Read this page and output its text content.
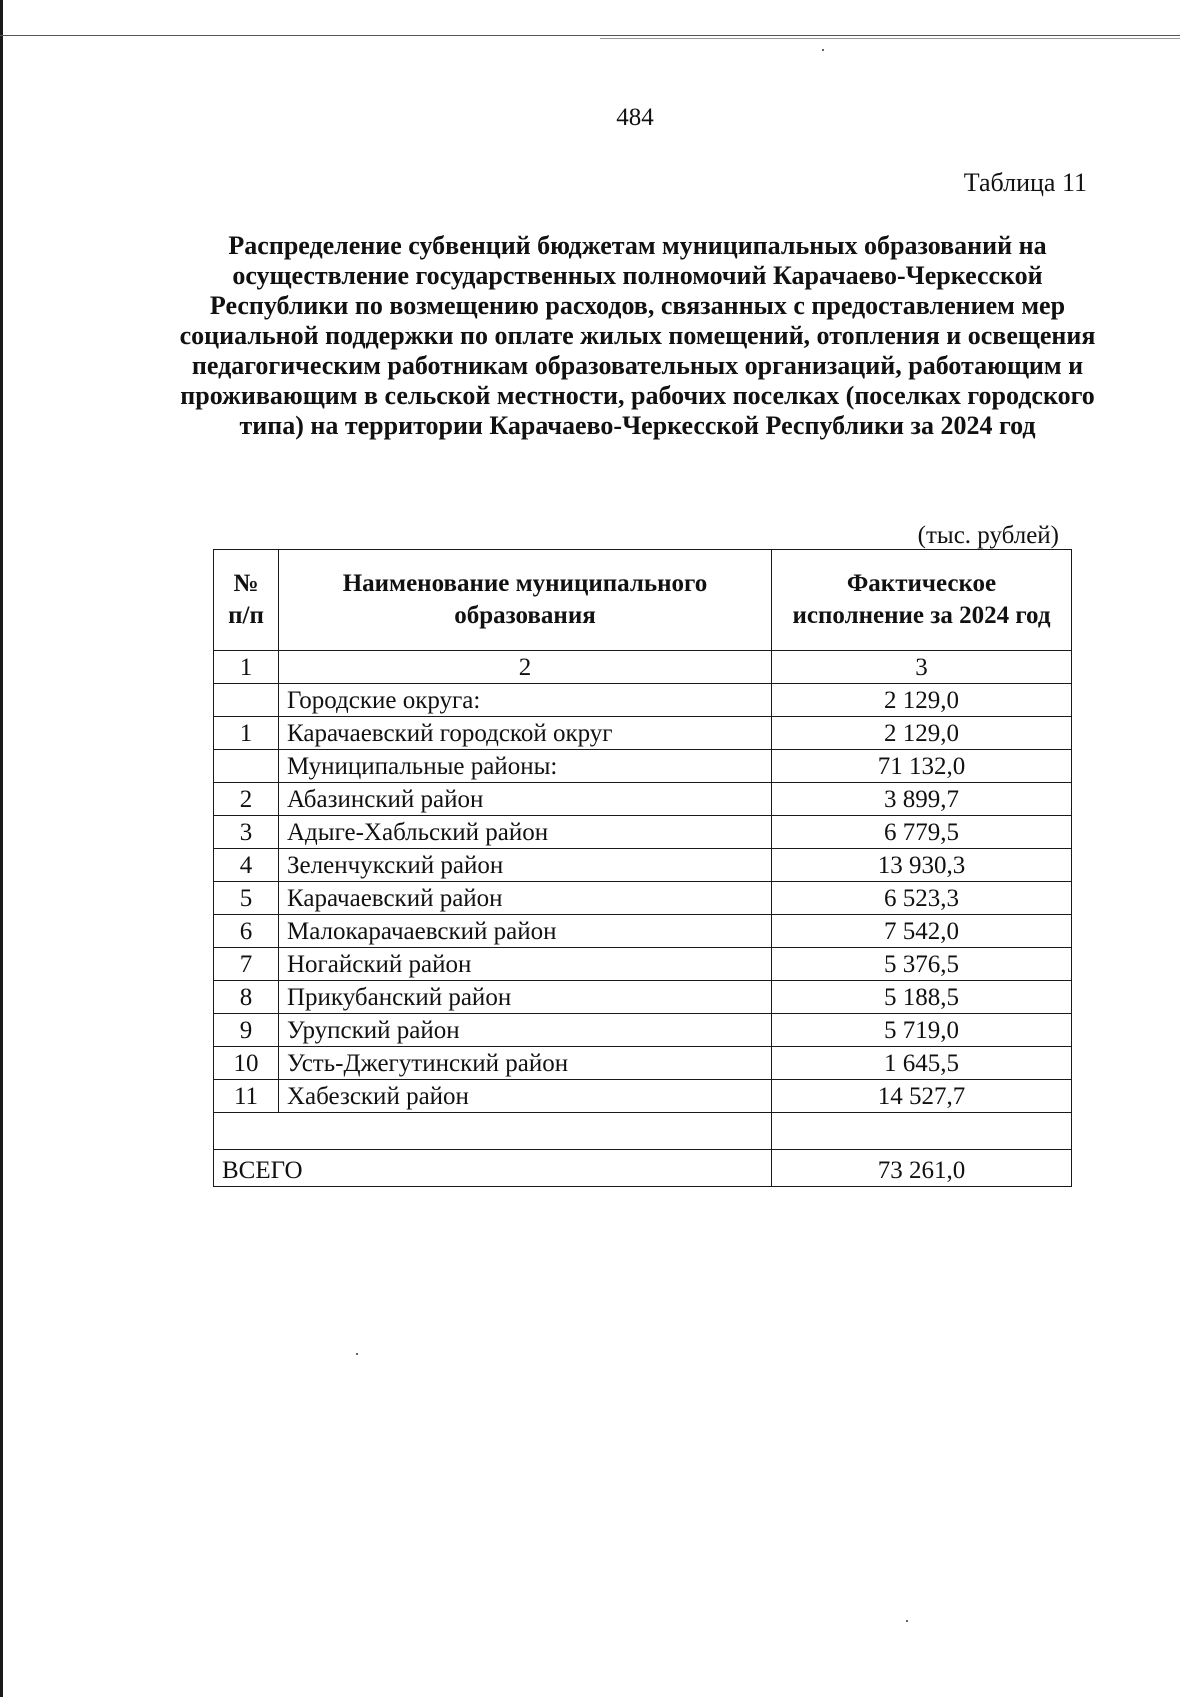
484
Таблица 11
Распределение субвенций бюджетам муниципальных образований на осуществление государственных полномочий Карачаево-Черкесской Республики по возмещению расходов, связанных с предоставлением мер социальной поддержки по оплате жилых помещений, отопления и освещения педагогическим работникам образовательных организаций, работающим и проживающим в сельской местности, рабочих поселках (поселках городского типа) на территории Карачаево-Черкесской Республики за 2024 год
(тыс. рублей)
№ п/п	Наименование муниципального образования	Фактическое исполнение за 2024 год
1	2	3
	Городские округа:	2 129,0
1	Карачаевский городской округ	2 129,0
	Муниципальные районы:	71 132,0
2	Абазинский район	3 899,7
3	Адыге-Хабльский район	6 779,5
4	Зеленчукский район	13 930,3
5	Карачаевский район	6 523,3
6	Малокарачаевский район	7 542,0
7	Ногайский район	5 376,5
8	Прикубанский район	5 188,5
9	Урупский район	5 719,0
10	Усть-Джегутинский район	1 645,5
11	Хабезский район	14 527,7

ВСЕГО		73 261,0
